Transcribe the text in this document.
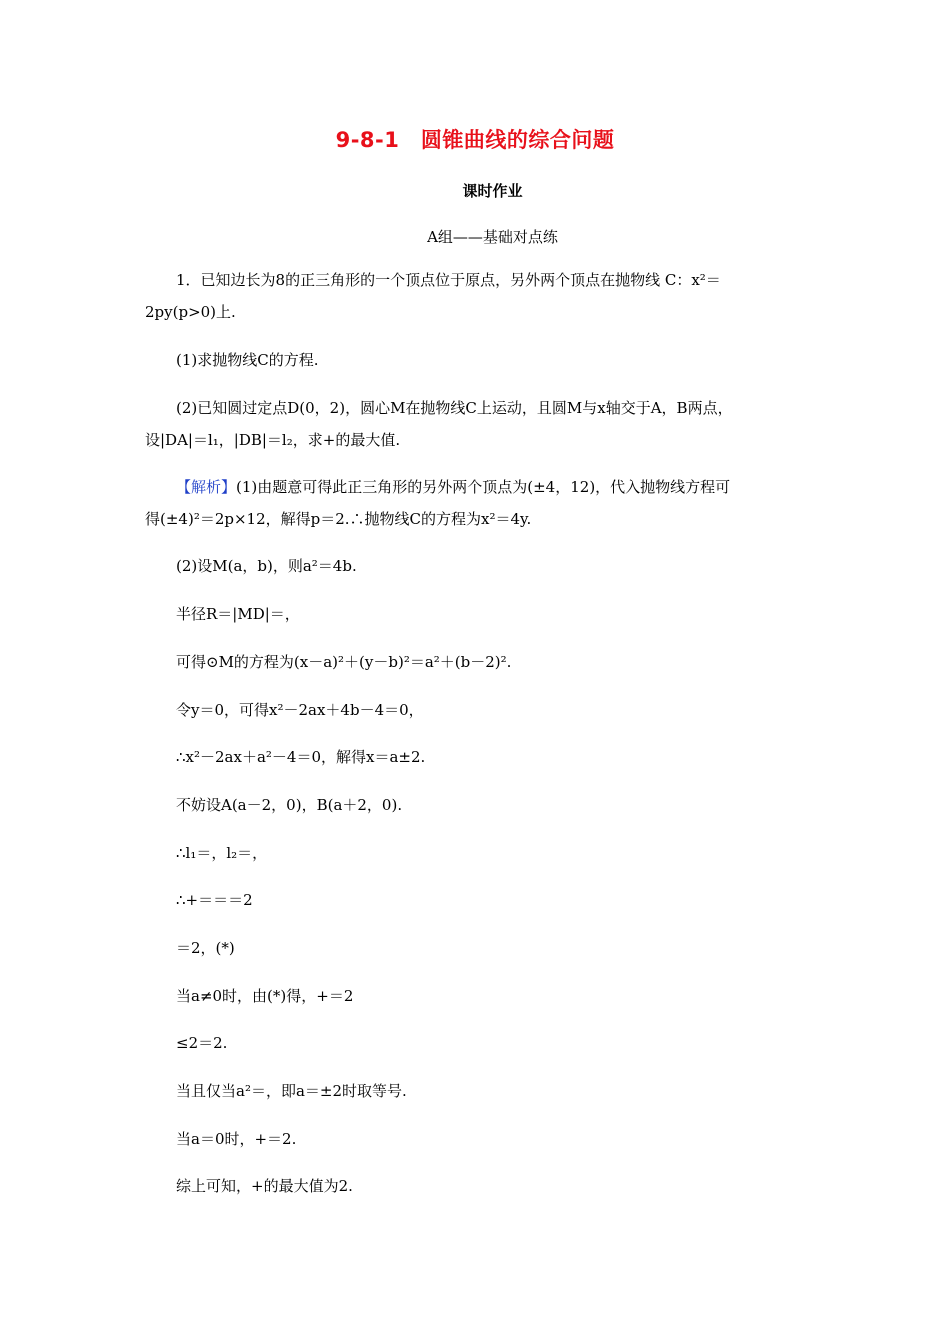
9-8-1　圆锥曲线的综合问题
课时作业
A组——基础对点练
1．已知边长为8的正三角形的一个顶点位于原点，另外两个顶点在抛物线 C：x²＝
2py(p>0)上.
(1)求抛物线C的方程.
(2)已知圆过定点D(0，2)，圆心M在抛物线C上运动，且圆M与x轴交于A，B两点，
设|DA|＝l₁，|DB|＝l₂，求+的最大值.
【解析】(1)由题意可得此正三角形的另外两个顶点为(±4，12)，代入抛物线方程可
得(±4)²＝2p×12，解得p＝2.∴抛物线C的方程为x²＝4y.
(2)设M(a，b)，则a²＝4b.
半径R＝|MD|＝，
可得⊙M的方程为(x－a)²＋(y－b)²＝a²＋(b－2)².
令y＝0，可得x²－2ax＋4b－4＝0，
∴x²－2ax＋a²－4＝0，解得x＝a±2.
不妨设A(a－2，0)，B(a＋2，0).
∴l₁＝，l₂＝，
∴+＝＝＝2
＝2，(*)
当a≠0时，由(*)得，+＝2
≤2＝2.
当且仅当a²＝，即a＝±2时取等号.
当a＝0时，+＝2.
综上可知，+的最大值为2.
